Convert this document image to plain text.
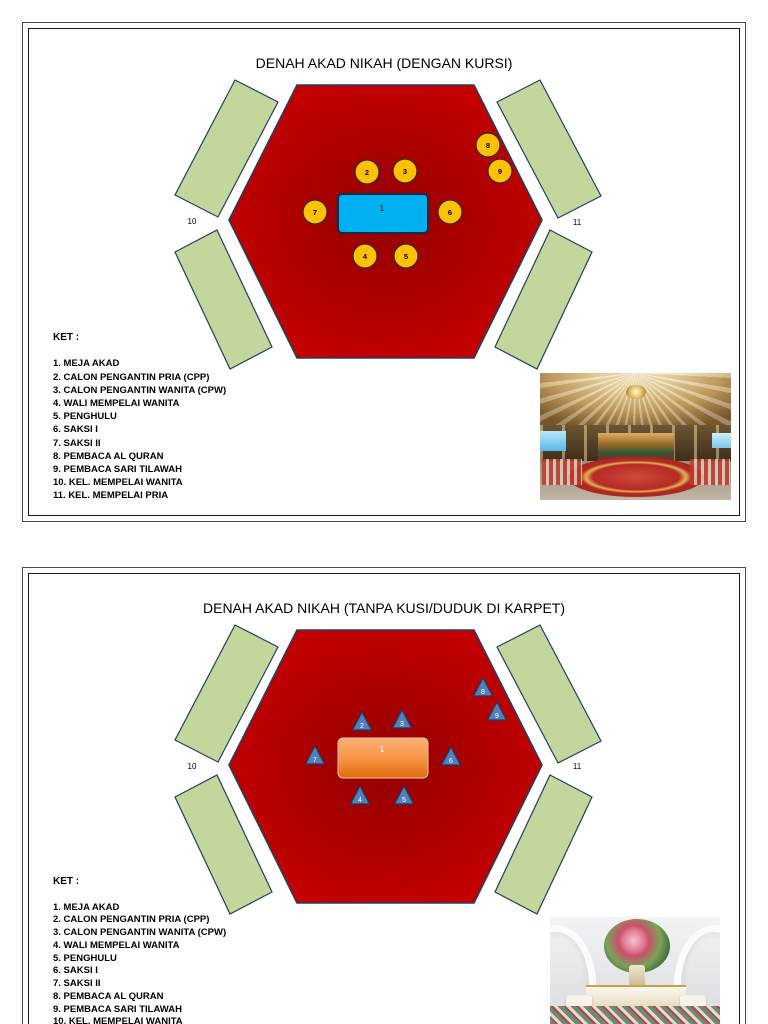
DENAH AKAD NIKAH (DENGAN KURSI)
10	11
1
2	3
4	5
6
7
8
9
KET :
1. MEJA AKAD
2. CALON PENGANTIN PRIA (CPP)
3. CALON PENGANTIN WANITA (CPW)
4. WALI MEMPELAI WANITA
5. PENGHULU
6. SAKSI I
7. SAKSI II
8. PEMBACA AL QURAN
9. PEMBACA SARI TILAWAH
10. KEL. MEMPELAI WANITA
11. KEL. MEMPELAI PRIA
DENAH AKAD NIKAH (TANPA KUSI/DUDUK DI KARPET)
10	11
1
2	3
4	5
6
7
8
9
KET :
1. MEJA AKAD
2. CALON PENGANTIN PRIA (CPP)
3. CALON PENGANTIN WANITA (CPW)
4. WALI MEMPELAI WANITA
5. PENGHULU
6. SAKSI I
7. SAKSI II
8. PEMBACA AL QURAN
9. PEMBACA SARI TILAWAH
10. KEL. MEMPELAI WANITA
